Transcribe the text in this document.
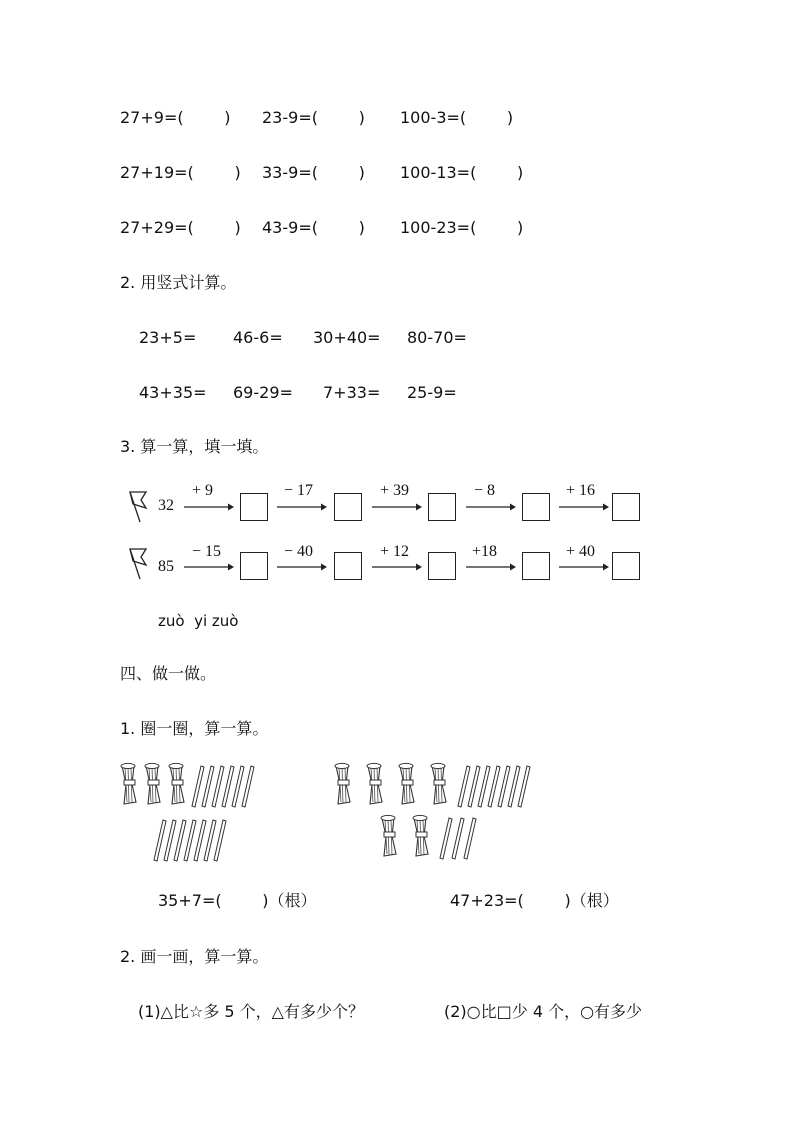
27+9=(        ) 23-9=(        ) 100-3=(        )
27+19=(        ) 33-9=(        ) 100-13=(        )
27+29=(        ) 43-9=(        ) 100-23=(        )
2. 用竖式计算。
23+5= 46-6= 30+40= 80-70=
43+35= 69-29= 7+33= 25-9=
3. 算一算，填一填。
32
+ 9	− 17	+ 39	− 8	+ 16
85
− 15	− 40	+ 12	+18	+ 40
zuò  yi zuò
四、做一做。
1. 圈一圈，算一算。
35+7=(        )（根）	47+23=(        )（根）
2. 画一画，算一算。
(1)△比☆多 5 个，△有多少个？	(2)○比□少 4 个，○有多少
